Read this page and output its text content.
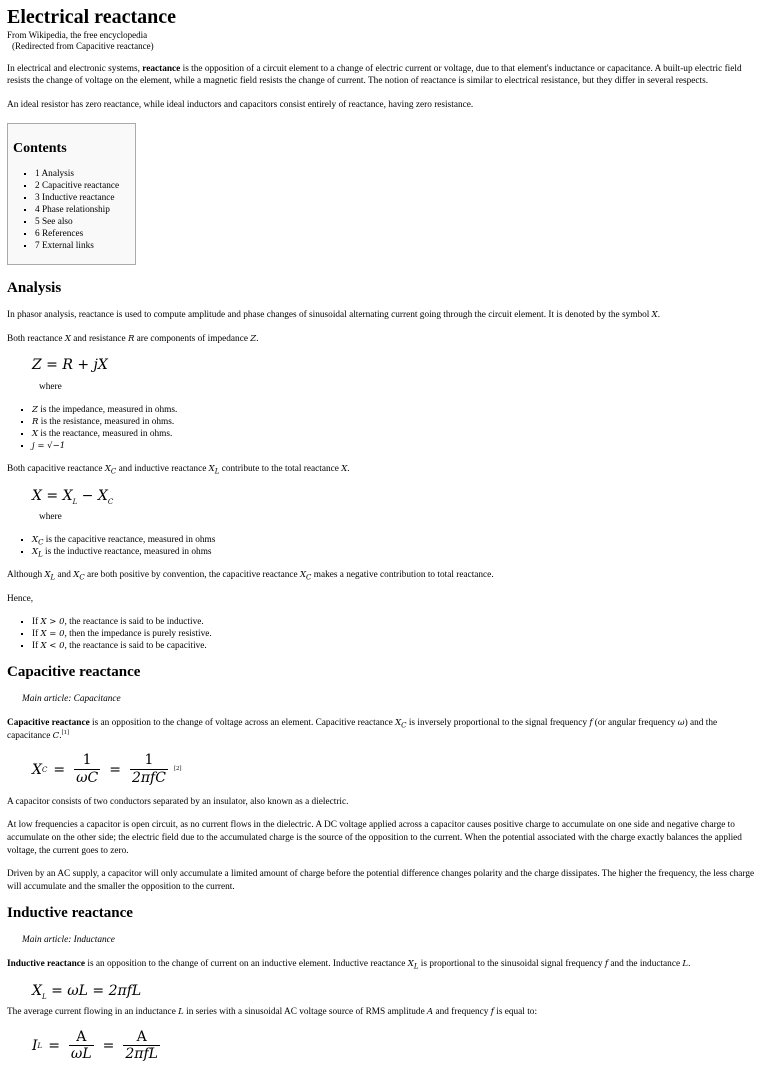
Electrical reactance
From Wikipedia, the free encyclopedia
(Redirected from Capacitive reactance)

In electrical and electronic systems, reactance is the opposition of a circuit element to a change of electric current or voltage, due to that element's inductance or capacitance. A built-up electric field resists the change of voltage on the element, while a magnetic field resists the change of current. The notion of reactance is similar to electrical resistance, but they differ in several respects.

An ideal resistor has zero reactance, while ideal inductors and capacitors consist entirely of reactance, having zero resistance.

Contents
▪ 1 Analysis
▪ 2 Capacitive reactance
▪ 3 Inductive reactance
▪ 4 Phase relationship
▪ 5 See also
▪ 6 References
▪ 7 External links
Analysis

In phasor analysis, reactance is used to compute amplitude and phase changes of sinusoidal alternating current going through the circuit element. It is denoted by the symbol X.

Both reactance X and resistance R are components of impedance Z.

Z = R + jX
where
▪ Z is the impedance, measured in ohms.
▪ R is the resistance, measured in ohms.
▪ X is the reactance, measured in ohms.
▪ j = √−1

Both capacitive reactance $X_C$ and inductive reactance $X_L$ contribute to the total reactance X.

$X = X_L - X_C$
where
▪ $X_C$ is the capacitive reactance, measured in ohms
▪ $X_L$ is the inductive reactance, measured in ohms

Although $X_L$ and $X_C$ are both positive by convention, the capacitive reactance $X_C$ makes a negative contribution to total reactance.

Hence,

▪ If X > 0, the reactance is said to be inductive.
▪ If X = 0, then the impedance is purely resistive.
▪ If X < 0, the reactance is said to be capacitive.
Capacitive reactance
Main article: Capacitance

Capacitive reactance is an opposition to the change of voltage across an element. Capacitive reactance $X_C$ is inversely proportional to the signal frequency f (or angular frequency ω) and the capacitance C.[1]

X $C = \frac{1}{\omega C} = \frac{1}{\text{2πfC}} [2]$

A capacitor consists of two conductors separated by an insulator, also known as a dielectric.

At low frequencies a capacitor is open circuit, as no current flows in the dielectric. A DC voltage applied across a capacitor causes positive charge to accumulate on one side and negative charge to accumulate on the other side; the electric field due to the accumulated charge is the source of the opposition to the current. When the potential associated with the charge exactly balances the applied voltage, the current goes to zero.

Driven by an AC supply, a capacitor will only accumulate a limited amount of charge before the potential difference changes polarity and the charge dissipates. The higher the frequency, the less charge will accumulate and the smaller the opposition to the current.

Inductive reactance
Main article: Inductance

Inductive reactance is an opposition to the change of current on an inductive element. Inductive reactance $X_L$ is proportional to the sinusoidal signal frequency f and the inductance L.

$X_L = \omega L = 2\pi fL$

The average current flowing in an inductance L in series with a sinusoidal AC voltage source of RMS amplitude A and frequency f is equal to:

I $L = \frac{A}{\omega L} = \frac{A}{\text{2πfL}}$
